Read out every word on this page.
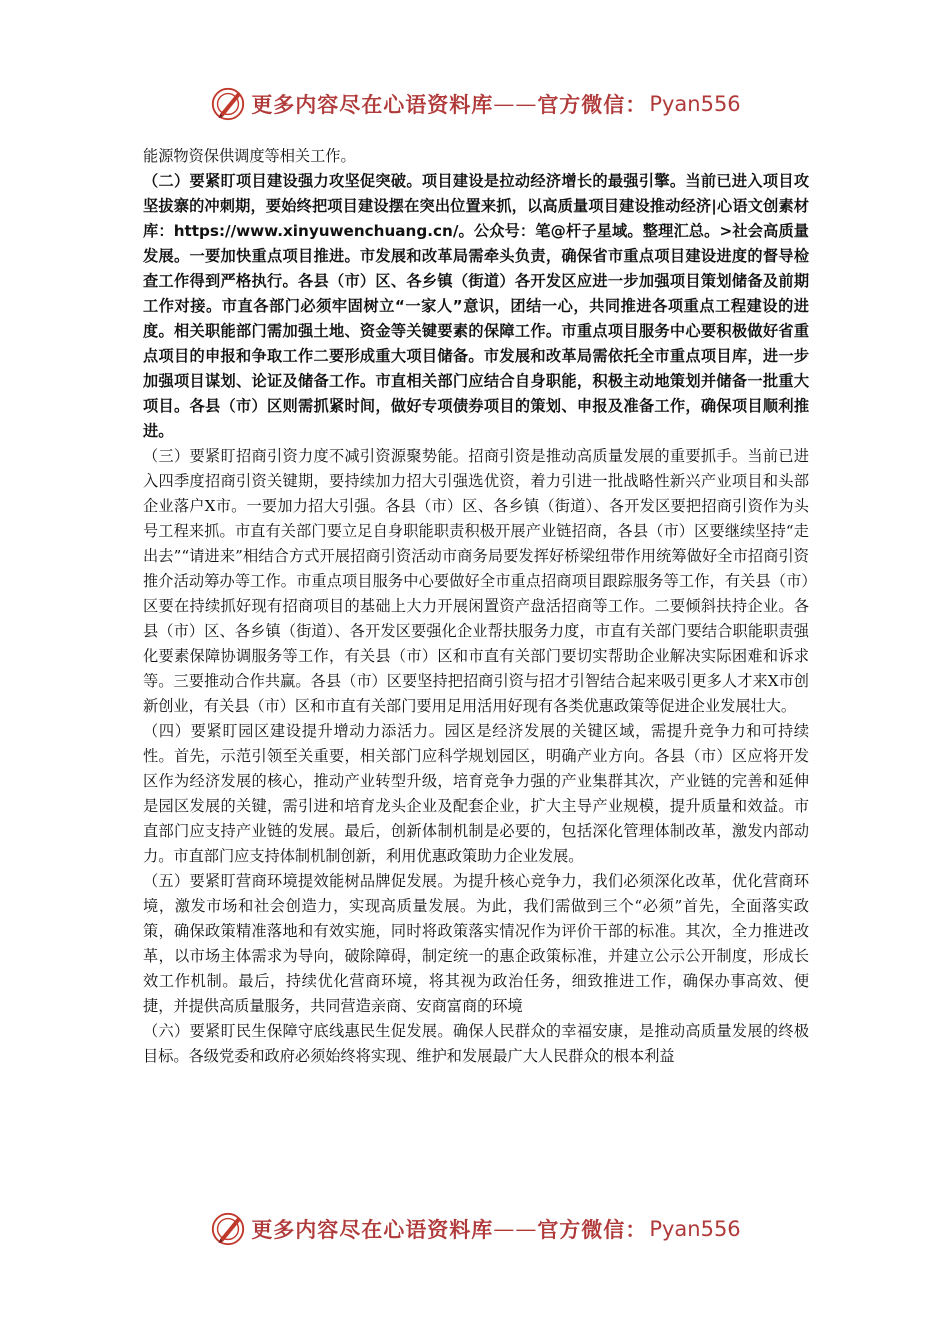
更多内容尽在心语资料库 —— 官方微信： Pyan556

能源物资保供调度等相关工作。

（二）要紧盯项目建设强力攻坚促突破。项目建设是拉动经济增长的最强引擎。当前已进入项目攻坚拔寨的冲刺期，要始终把项目建设摆在突出位置来抓，以高质量项目建设推动经济|心语文创素材库：https://www.xinyuwenchuang.cn/。公众号：笔@杆子星域。整理汇总。>社会高质量发展。一要加快重点项目推进。市发展和改革局需牵头负责，确保省市重点项目建设进度的督导检查工作得到严格执行。各县（市）区、各乡镇（街道）各开发区应进一步加强项目策划储备及前期工作对接。市直各部门必须牢固树立“一家人”意识，团结一心，共同推进各项重点工程建设的进度。相关职能部门需加强土地、资金等关键要素的保障工作。市重点项目服务中心要积极做好省重点项目的申报和争取工作二要形成重大项目储备。市发展和改革局需依托全市重点项目库，进一步加强项目谋划、论证及储备工作。市直相关部门应结合自身职能，积极主动地策划并储备一批重大项目。各县（市）区则需抓紧时间，做好专项债券项目的策划、申报及准备工作，确保项目顺利推进。

（三）要紧盯招商引资力度不减引资源聚势能。招商引资是推动高质量发展的重要抓手。当前已进入四季度招商引资关键期，要持续加力招大引强选优资，着力引进一批战略性新兴产业项目和头部企业落户X市。一要加力招大引强。各县（市）区、各乡镇（街道）、各开发区要把招商引资作为头号工程来抓。市直有关部门要立足自身职能职责积极开展产业链招商，各县（市）区要继续坚持“走出去”“请进来”相结合方式开展招商引资活动市商务局要发挥好桥梁纽带作用统筹做好全市招商引资推介活动筹办等工作。市重点项目服务中心要做好全市重点招商项目跟踪服务等工作，有关县（市）区要在持续抓好现有招商项目的基础上大力开展闲置资产盘活招商等工作。二要倾斜扶持企业。各县（市）区、各乡镇（街道）、各开发区要强化企业帮扶服务力度，市直有关部门要结合职能职责强化要素保障协调服务等工作，有关县（市）区和市直有关部门要切实帮助企业解决实际困难和诉求等。三要推动合作共赢。各县（市）区要坚持把招商引资与招才引智结合起来吸引更多人才来X市创新创业，有关县（市）区和市直有关部门要用足用活用好现有各类优惠政策等促进企业发展壮大。

（四）要紧盯园区建设提升增动力添活力。园区是经济发展的关键区域，需提升竞争力和可持续性。首先，示范引领至关重要，相关部门应科学规划园区，明确产业方向。各县（市）区应将开发区作为经济发展的核心，推动产业转型升级，培育竞争力强的产业集群其次，产业链的完善和延伸是园区发展的关键，需引进和培育龙头企业及配套企业，扩大主导产业规模，提升质量和效益。市直部门应支持产业链的发展。最后，创新体制机制是必要的，包括深化管理体制改革，激发内部动力。市直部门应支持体制机制创新，利用优惠政策助力企业发展。

（五）要紧盯营商环境提效能树品牌促发展。为提升核心竞争力，我们必须深化改革，优化营商环境，激发市场和社会创造力，实现高质量发展。为此，我们需做到三个“必须”首先，全面落实政策，确保政策精准落地和有效实施，同时将政策落实情况作为评价干部的标准。其次，全力推进改革，以市场主体需求为导向，破除障碍，制定统一的惠企政策标准，并建立公示公开制度，形成长效工作机制。最后，持续优化营商环境，将其视为政治任务，细致推进工作，确保办事高效、便捷，并提供高质量服务，共同营造亲商、安商富商的环境

（六）要紧盯民生保障守底线惠民生促发展。确保人民群众的幸福安康，是推动高质量发展的终极目标。各级党委和政府必须始终将实现、维护和发展最广大人民群众的根本利益

更多内容尽在心语资料库 —— 官方微信： Pyan556
